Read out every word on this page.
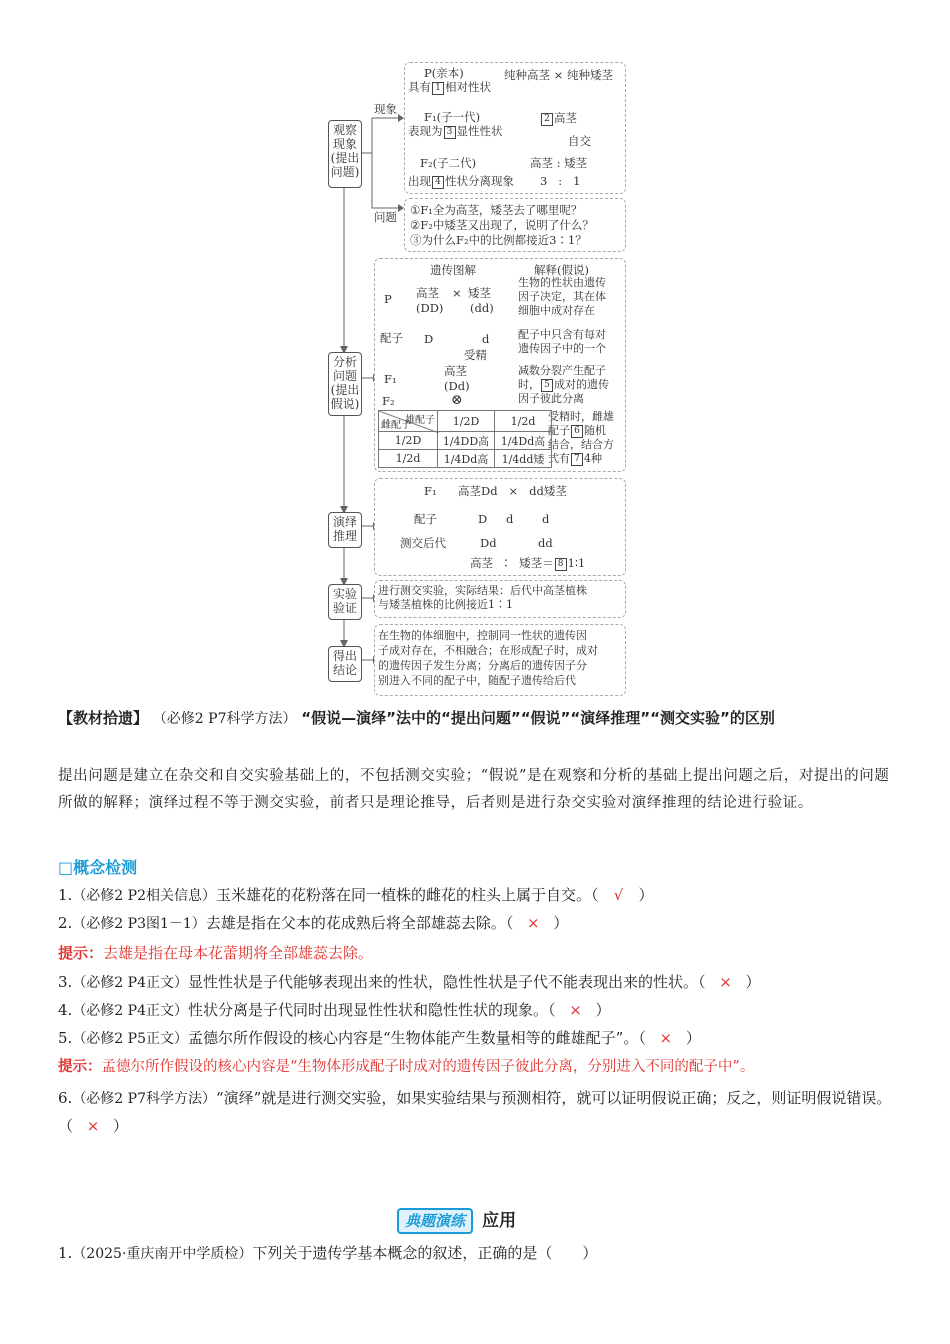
观察
现象
(提出
问题)
分析
问题
(提出
假说)
演绎
推理
实验
验证
得出
结论
现象
问题
P(亲本)
具有 1 相对性状
纯种高茎 × 纯种矮茎
F₁(子一代)
表现为 3 显性性状
2 高茎
自交
F₂(子二代)	高茎 : 矮茎
出现 4 性状分离现象 3   :   1
①F₁全为高茎，矮茎去了哪里呢？
②F₂中矮茎又出现了，说明了什么？
③为什么F₂中的比例都接近3∶1？
遗传图解	解释(假说)
P 高茎 × 矮茎
(DD) (dd)
配子 D	d
受精
F₁
高茎
(Dd)
⊗
F₂
生物的性状由遗传
因子决定，其在体
细胞中成对存在
配子中只含有每对
遗传因子中的一个
减数分裂产生配子
时， 5 成对的遗传
因子彼此分离
受精时，雌雄
配子 6 随机
结合，结合方
式有 7 4种
雄配子
雌配子	1/2D	1/2d
1/2D	1/4DD高	1/4Dd高
1/2d	1/4Dd高	1/4dd矮
F₁ 高茎Dd   ×   dd矮茎
配子	D d d
测交后代	Dd	dd
高茎  ∶  矮茎＝ 8 1∶1
进行测交实验，实际结果：后代中高茎植株
与矮茎植株的比例接近1∶1
在生物的体细胞中，控制同一性状的遗传因
子成对存在，不相融合；在形成配子时，成对
的遗传因子发生分离；分离后的遗传因子分
别进入不同的配子中，随配子遗传给后代
【教材拾遗】 （必修2 P7科学方法） “假说—演绎”法中的“提出问题”“假说”“演绎推理”“测交实验”的区别
提出问题是建立在杂交和自交实验基础上的，不包括测交实验；“假说”是在观察和分析的基础上提出问题之后，对提出的问题所做的解释；演绎过程不等于测交实验，前者只是理论推导，后者则是进行杂交实验对演绎推理的结论进行验证。
□概念检测
1.（必修2 P2相关信息）玉米雄花的花粉落在同一植株的雌花的柱头上属于自交。（ √ ）
2.（必修2 P3图1－1）去雄是指在父本的花成熟后将全部雄蕊去除。（ × ）
提示：去雄是指在母本花蕾期将全部雄蕊去除。
3.（必修2 P4正文）显性性状是子代能够表现出来的性状，隐性性状是子代不能表现出来的性状。（ × ）
4.（必修2 P4正文）性状分离是子代同时出现显性性状和隐性性状的现象。（ × ）
5.（必修2 P5正文）孟德尔所作假设的核心内容是“生物体能产生数量相等的雌雄配子”。（ × ）
提示：孟德尔所作假设的核心内容是“生物体形成配子时成对的遗传因子彼此分离，分别进入不同的配子中”。
6.（必修2 P7科学方法）“演绎”就是进行测交实验，如果实验结果与预测相符，就可以证明假说正确；反之，则证明假说错误。（ × ）
典题演练 应用
1.（2025·重庆南开中学质检）下列关于遗传学基本概念的叙述，正确的是（　　）
